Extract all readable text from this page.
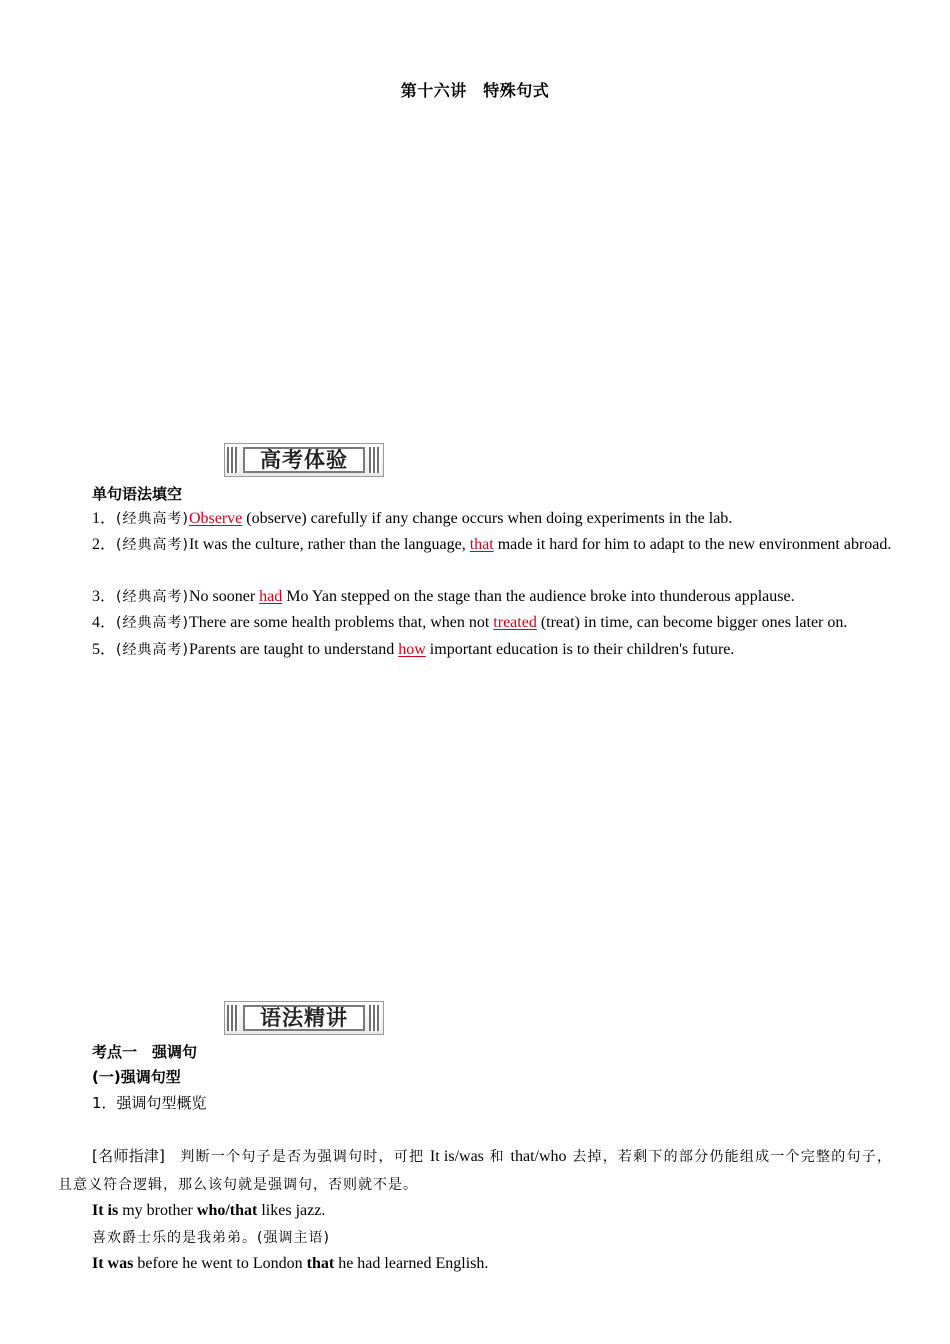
第十六讲　特殊句式
高考体验
单句语法填空
1．(经典高考)Observe (observe) carefully if any change occurs when doing experiments in the lab.
2．(经典高考)It was the culture, rather than the language, that made it hard for him to adapt to the new environment abroad.
3．(经典高考)No sooner had Mo Yan stepped on the stage than the audience broke into thunderous applause.
4．(经典高考)There are some health problems that, when not treated (treat) in time, can become bigger ones later on.
5．(经典高考)Parents are taught to understand how important education is to their children's future.
语法精讲
考点一　强调句
(一)强调句型
1．强调句型概览
[名师指津]　判断一个句子是否为强调句时，可把 It is/was 和 that/who 去掉，若剩下的部分仍能组成一个完整的句子，且意义符合逻辑，那么该句就是强调句，否则就不是。
It is my brother who/that likes jazz.
喜欢爵士乐的是我弟弟。(强调主语)
It was before he went to London that he had learned English.
